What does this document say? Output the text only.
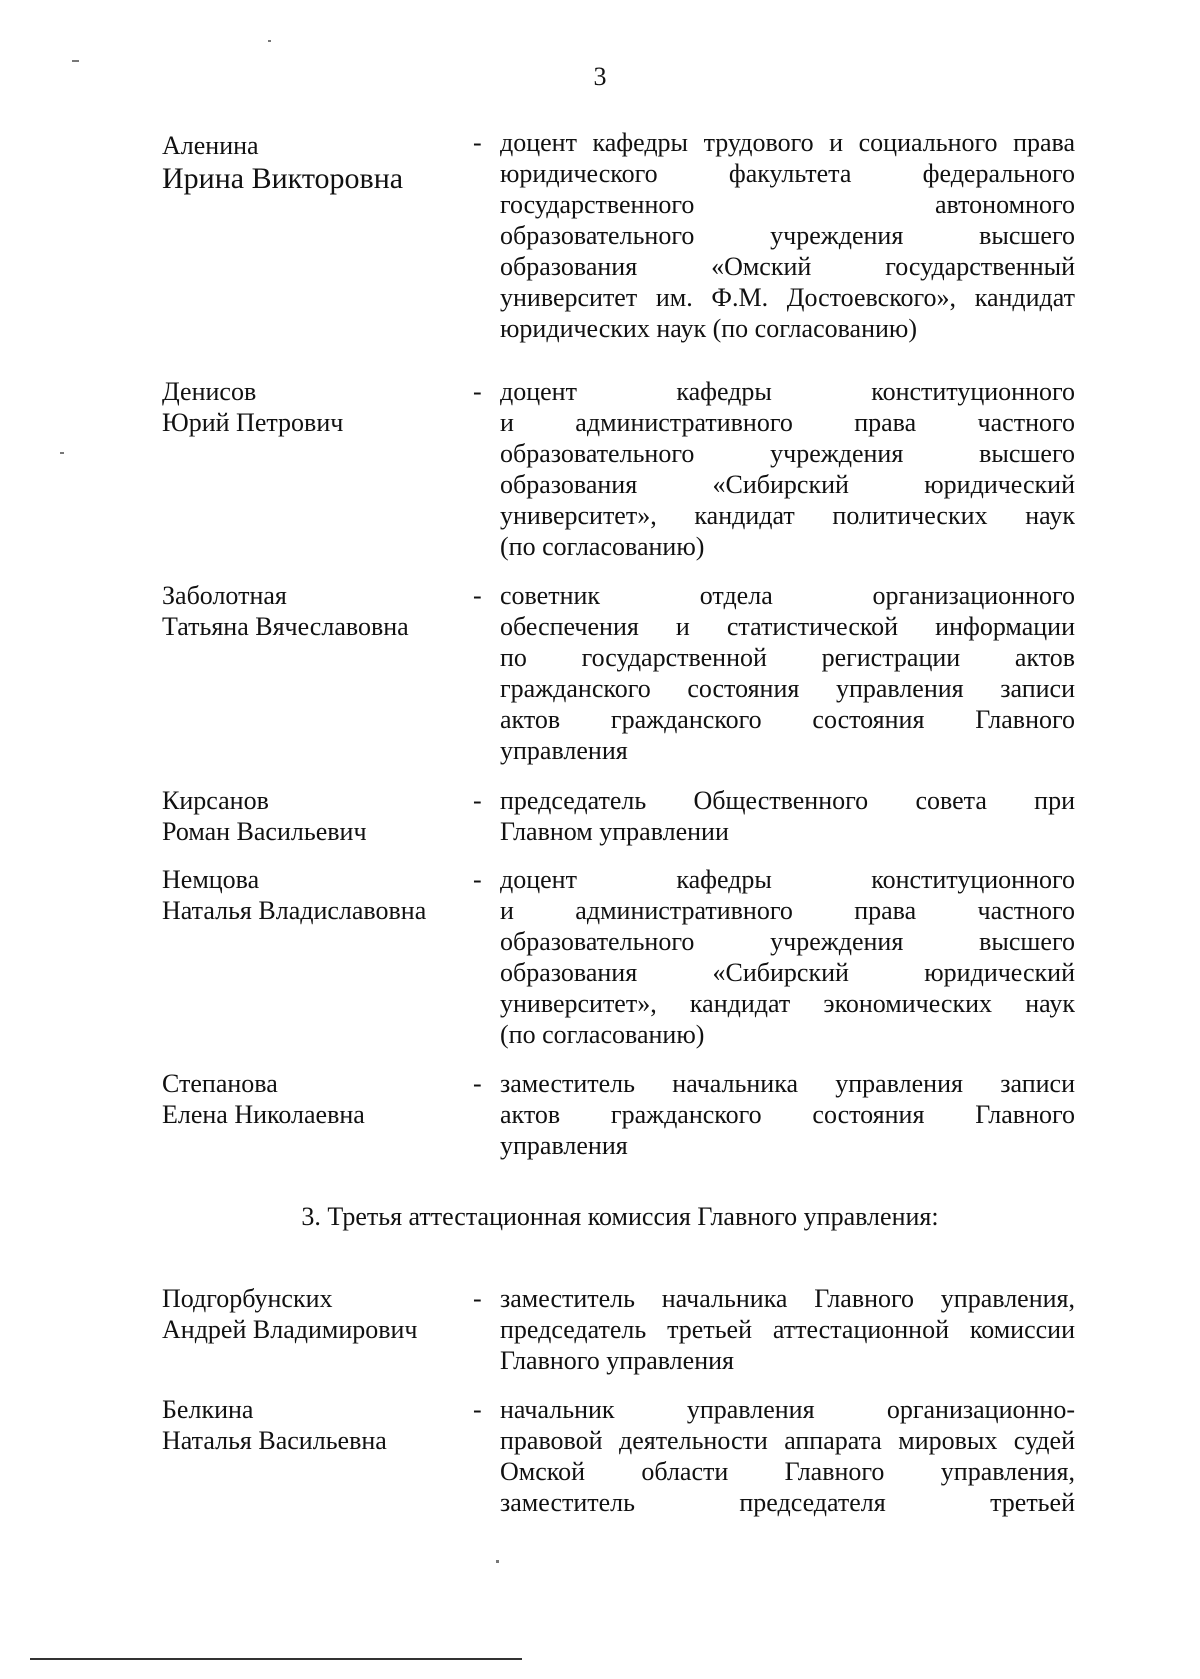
3
Аленина
Ирина Викторовна
- доцент кафедры трудового и социального права
юридического факультета федерального
государственного автономного
образовательного учреждения высшего
образования «Омский государственный
университет им. Ф.М. Достоевского», кандидат
юридических наук (по согласованию)
Денисов
Юрий Петрович
- доцент кафедры конституционного
и административного права частного
образовательного учреждения высшего
образования «Сибирский юридический
университет», кандидат политических наук
(по согласованию)
Заболотная
Татьяна Вячеславовна
- советник отдела организационного
обеспечения и статистической информации
по государственной регистрации актов
гражданского состояния управления записи
актов гражданского состояния Главного
управления
Кирсанов
Роман Васильевич
- председатель Общественного совета при
Главном управлении
Немцова
Наталья Владиславовна
- доцент кафедры конституционного
и административного права частного
образовательного учреждения высшего
образования «Сибирский юридический
университет», кандидат экономических наук
(по согласованию)
Степанова
Елена Николаевна
- заместитель начальника управления записи
актов гражданского состояния Главного
управления
3. Третья аттестационная комиссия Главного управления:
Подгорбунских
Андрей Владимирович
- заместитель начальника Главного управления,
председатель третьей аттестационной комиссии
Главного управления
Белкина
Наталья Васильевна
- начальник управления организационно-
правовой деятельности аппарата мировых судей
Омской области Главного управления,
заместитель председателя третьей
